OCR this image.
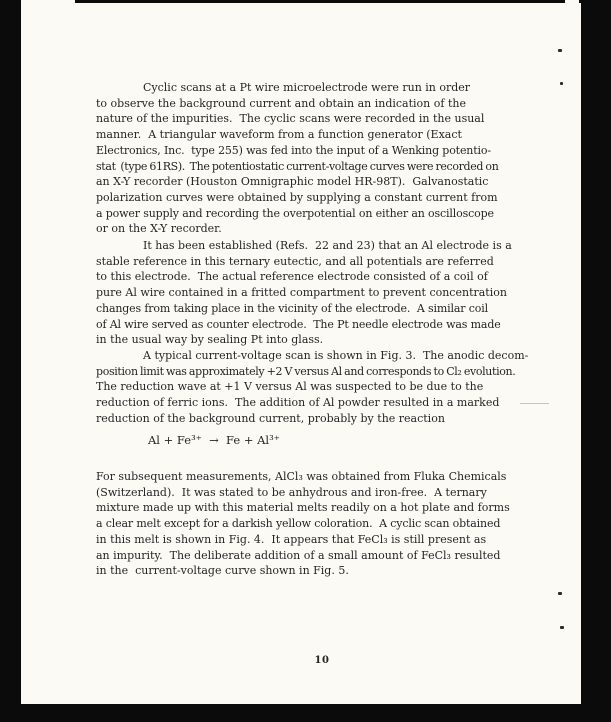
Cyclic scans at a Pt wire microelectrode were run in order
to observe the background current and obtain an indication of the
nature of the impurities.  The cyclic scans were recorded in the usual
manner.  A triangular waveform from a function generator (Exact
Electronics, Inc.  type 255) was fed into the input of a Wenking potentio-
stat  (type 61RS).  The potentiostatic current-voltage curves were recorded on
an X-Y recorder (Houston Omnigraphic model HR-98T).  Galvanostatic
polarization curves were obtained by supplying a constant current from
a power supply and recording the overpotential on either an oscilloscope
or on the X-Y recorder.
It has been established (Refs.  22 and 23) that an Al electrode is a
stable reference in this ternary eutectic, and all potentials are referred
to this electrode.  The actual reference electrode consisted of a coil of
pure Al wire contained in a fritted compartment to prevent concentration
changes from taking place in the vicinity of the electrode.  A similar coil
of Al wire served as counter electrode.  The Pt needle electrode was made
in the usual way by sealing Pt into glass.
A typical current-voltage scan is shown in Fig. 3.  The anodic decom-
position limit was approximately +2 V versus Al and corresponds to Cl₂ evolution.
The reduction wave at +1 V versus Al was suspected to be due to the
reduction of ferric ions.  The addition of Al powder resulted in a marked
reduction of the background current, probably by the reaction
Al + Fe³⁺  →  Fe + Al³⁺
For subsequent measurements, AlCl₃ was obtained from Fluka Chemicals
(Switzerland).  It was stated to be anhydrous and iron-free.  A ternary
mixture made up with this material melts readily on a hot plate and forms
a clear melt except for a darkish yellow coloration.  A cyclic scan obtained
in this melt is shown in Fig. 4.  It appears that FeCl₃ is still present as
an impurity.  The deliberate addition of a small amount of FeCl₃ resulted
in the  current-voltage curve shown in Fig. 5.
10
